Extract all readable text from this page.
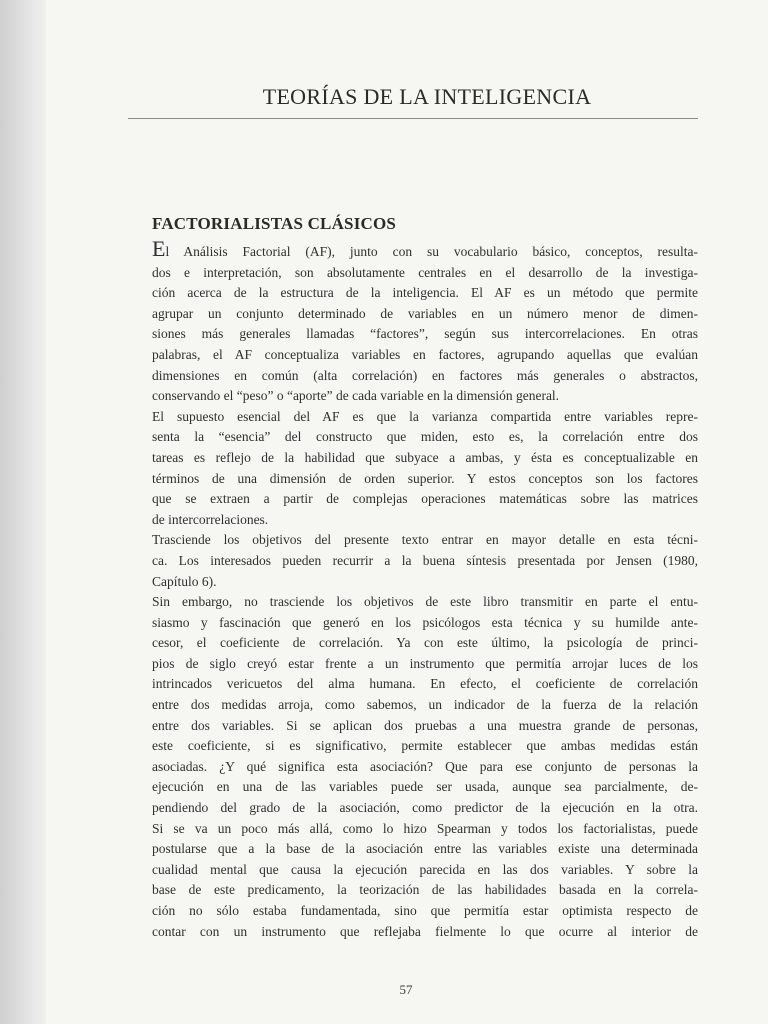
TEORÍAS DE LA INTELIGENCIA
FACTORIALISTAS CLÁSICOS
El Análisis Factorial (AF), junto con su vocabulario básico, conceptos, resulta-
dos e interpretación, son absolutamente centrales en el desarrollo de la investiga-
ción acerca de la estructura de la inteligencia. El AF es un método que permite
agrupar un conjunto determinado de variables en un número menor de dimen-
siones más generales llamadas “factores”, según sus intercorrelaciones. En otras
palabras, el AF conceptualiza variables en factores, agrupando aquellas que evalúan
dimensiones en común (alta correlación) en factores más generales o abstractos,
conservando el “peso” o “aporte” de cada variable en la dimensión general.
El supuesto esencial del AF es que la varianza compartida entre variables repre-
senta la “esencia” del constructo que miden, esto es, la correlación entre dos
tareas es reflejo de la habilidad que subyace a ambas, y ésta es conceptualizable en
términos de una dimensión de orden superior. Y estos conceptos son los factores
que se extraen a partir de complejas operaciones matemáticas sobre las matrices
de intercorrelaciones.
Trasciende los objetivos del presente texto entrar en mayor detalle en esta técni-
ca. Los interesados pueden recurrir a la buena síntesis presentada por Jensen (1980,
Capítulo 6).
Sin embargo, no trasciende los objetivos de este libro transmitir en parte el entu-
siasmo y fascinación que generó en los psicólogos esta técnica y su humilde ante-
cesor, el coeficiente de correlación. Ya con este último, la psicología de princi-
pios de siglo creyó estar frente a un instrumento que permitía arrojar luces de los
intrincados vericuetos del alma humana. En efecto, el coeficiente de correlación
entre dos medidas arroja, como sabemos, un indicador de la fuerza de la relación
entre dos variables. Si se aplican dos pruebas a una muestra grande de personas,
este coeficiente, si es significativo, permite establecer que ambas medidas están
asociadas. ¿Y qué significa esta asociación? Que para ese conjunto de personas la
ejecución en una de las variables puede ser usada, aunque sea parcialmente, de-
pendiendo del grado de la asociación, como predictor de la ejecución en la otra.
Si se va un poco más allá, como lo hizo Spearman y todos los factorialistas, puede
postularse que a la base de la asociación entre las variables existe una determinada
cualidad mental que causa la ejecución parecida en las dos variables. Y sobre la
base de este predicamento, la teorización de las habilidades basada en la correla-
ción no sólo estaba fundamentada, sino que permitía estar optimista respecto de
contar con un instrumento que reflejaba fielmente lo que ocurre al interior de
57
